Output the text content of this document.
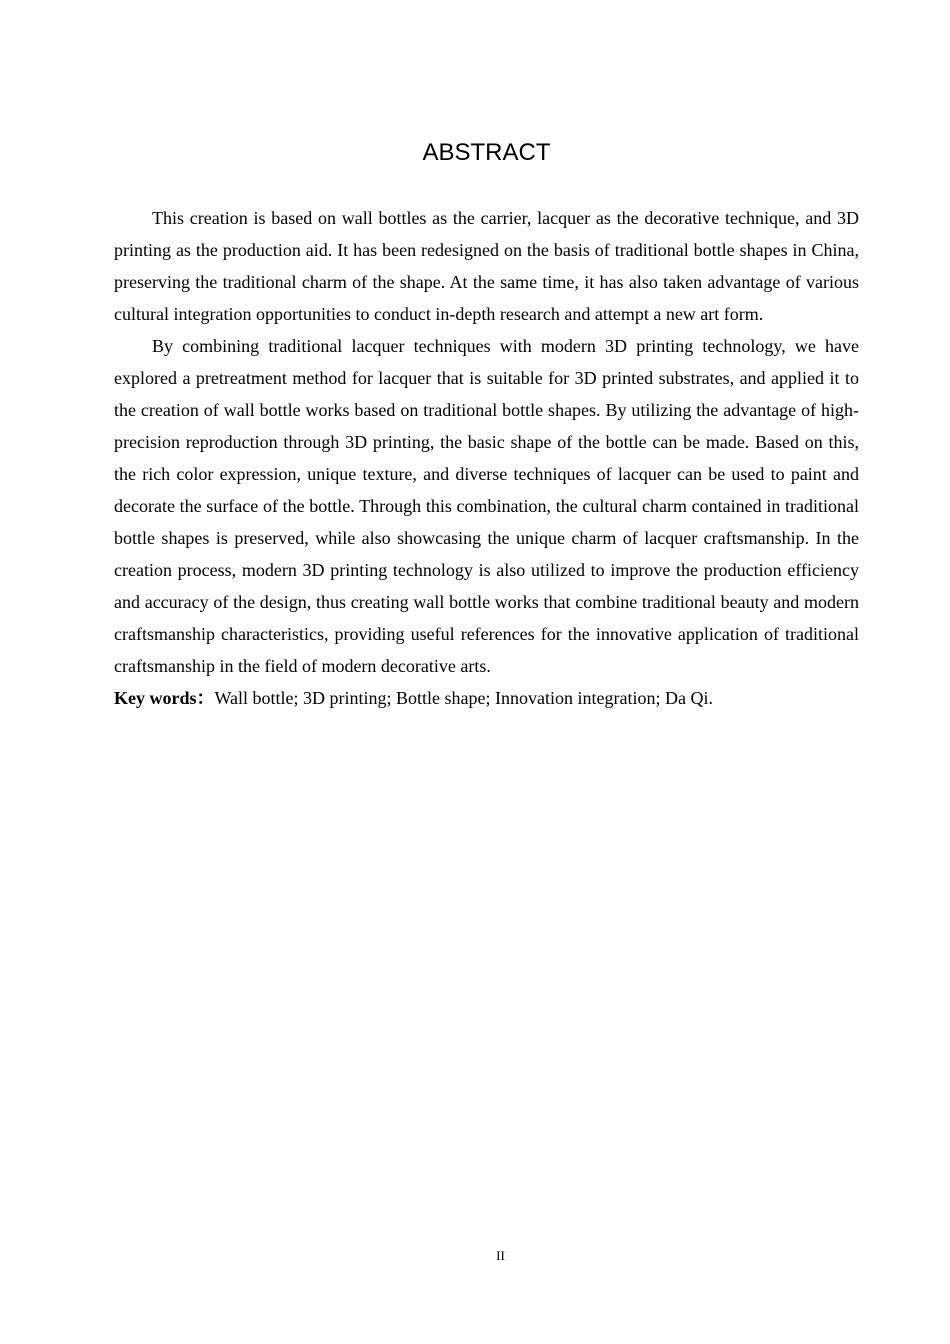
ABSTRACT

This creation is based on wall bottles as the carrier, lacquer as the decorative technique, and 3D printing as the production aid. It has been redesigned on the basis of traditional bottle shapes in China, preserving the traditional charm of the shape. At the same time, it has also taken advantage of various cultural integration opportunities to conduct in-depth research and attempt a new art form.

By combining traditional lacquer techniques with modern 3D printing technology, we have explored a pretreatment method for lacquer that is suitable for 3D printed substrates, and applied it to the creation of wall bottle works based on traditional bottle shapes. By utilizing the advantage of high-precision reproduction through 3D printing, the basic shape of the bottle can be made. Based on this, the rich color expression, unique texture, and diverse techniques of lacquer can be used to paint and decorate the surface of the bottle. Through this combination, the cultural charm contained in traditional bottle shapes is preserved, while also showcasing the unique charm of lacquer craftsmanship. In the creation process, modern 3D printing technology is also utilized to improve the production efficiency and accuracy of the design, thus creating wall bottle works that combine traditional beauty and modern craftsmanship characteristics, providing useful references for the innovative application of traditional craftsmanship in the field of modern decorative arts.

Key words：Wall bottle; 3D printing; Bottle shape; Innovation integration; Da Qi.

II
